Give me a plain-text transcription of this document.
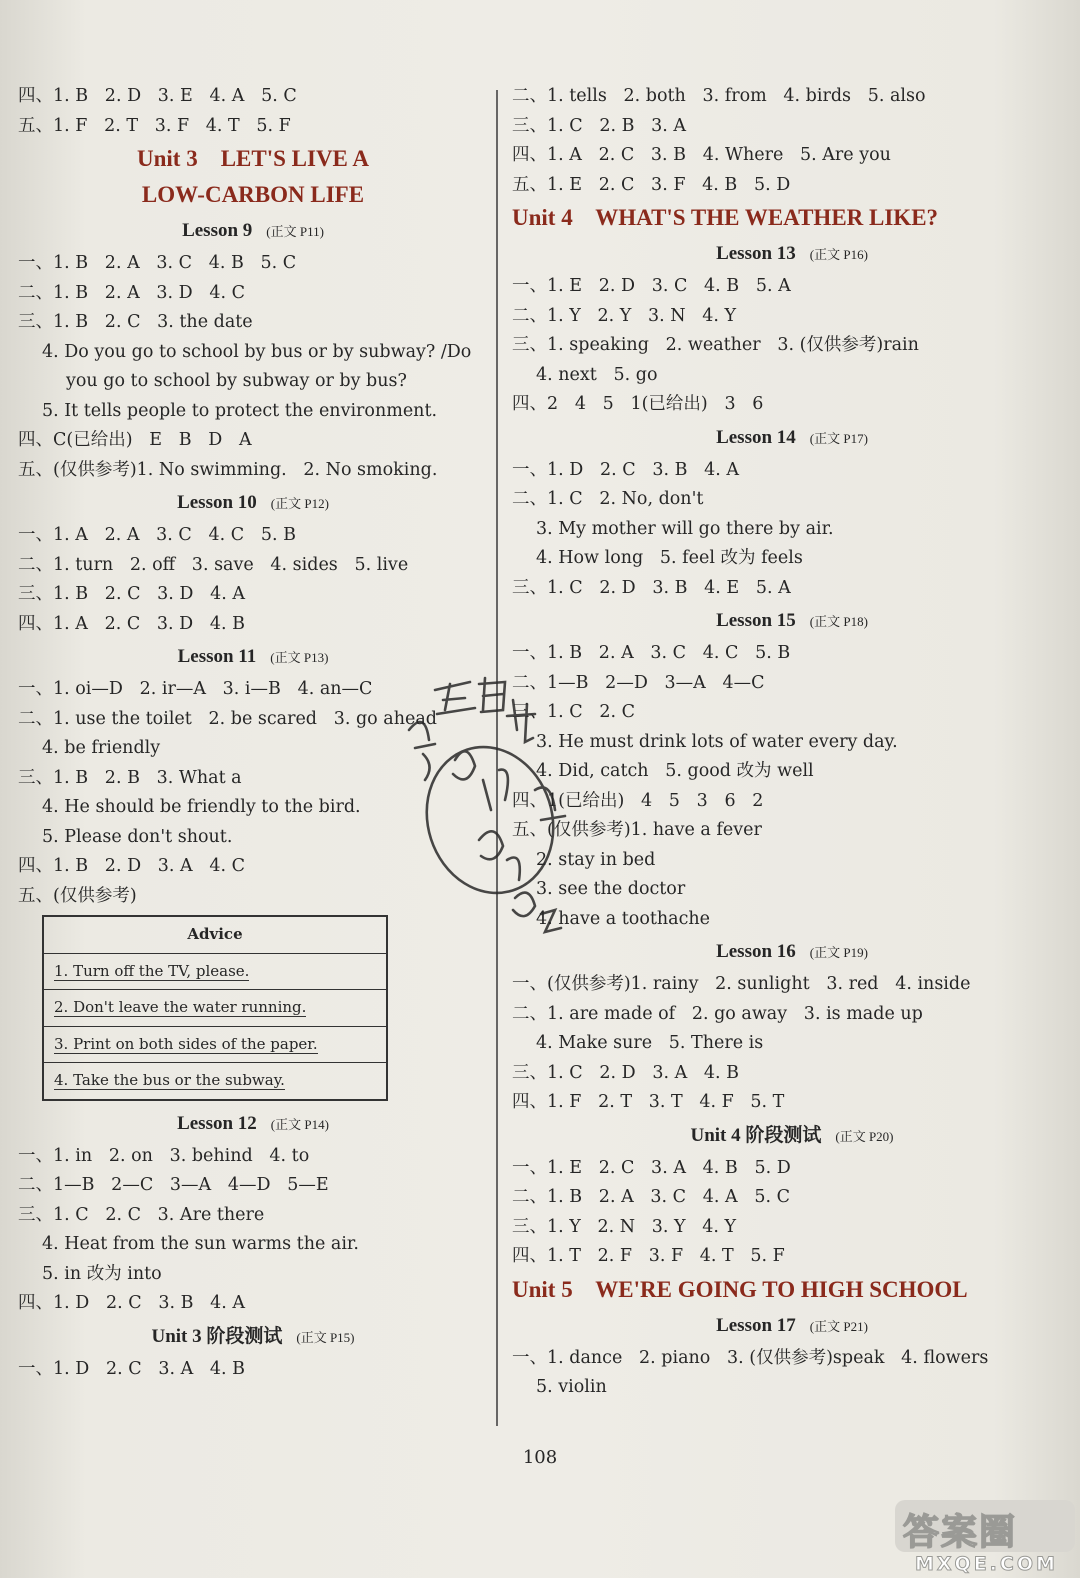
四、1. B   2. D   3. E   4. A   5. C
五、1. F   2. T   3. F   4. T   5. F
Unit 3    LET'S LIVE A
LOW-CARBON LIFE
Lesson 9 (正文 P11)
一、1. B   2. A   3. C   4. B   5. C
二、1. B   2. A   3. D   4. C
三、1. B   2. C   3. the date
4. Do you go to school by bus or by subway? /Do
you go to school by subway or by bus?
5. It tells people to protect the environment.
四、C(已给出)   E   B   D   A
五、(仅供参考)1. No swimming.   2. No smoking.
Lesson 10 (正文 P12)
一、1. A   2. A   3. C   4. C   5. B
二、1. turn   2. off   3. save   4. sides   5. live
三、1. B   2. C   3. D   4. A
四、1. A   2. C   3. D   4. B
Lesson 11 (正文 P13)
一、1. oi—D   2. ir—A   3. i—B   4. an—C
二、1. use the toilet   2. be scared   3. go ahead
4. be friendly
三、1. B   2. B   3. What a
4. He should be friendly to the bird.
5. Please don't shout.
四、1. B   2. D   3. A   4. C
五、(仅供参考)
Advice
1. Turn off the TV, please.
2. Don't leave the water running.
3. Print on both sides of the paper.
4. Take the bus or the subway.
Lesson 12 (正文 P14)
一、1. in   2. on   3. behind   4. to
二、1—B   2—C   3—A   4—D   5—E
三、1. C   2. C   3. Are there
4. Heat from the sun warms the air.
5. in 改为 into
四、1. D   2. C   3. B   4. A
Unit 3 阶段测试 (正文 P15)
一、1. D   2. C   3. A   4. B
二、1. tells   2. both   3. from   4. birds   5. also
三、1. C   2. B   3. A
四、1. A   2. C   3. B   4. Where   5. Are you
五、1. E   2. C   3. F   4. B   5. D
Unit 4    WHAT'S THE WEATHER LIKE?
Lesson 13 (正文 P16)
一、1. E   2. D   3. C   4. B   5. A
二、1. Y   2. Y   3. N   4. Y
三、1. speaking   2. weather   3. (仅供参考)rain
4. next   5. go
四、2   4   5   1(已给出)   3   6
Lesson 14 (正文 P17)
一、1. D   2. C   3. B   4. A
二、1. C   2. No, don't
3. My mother will go there by air.
4. How long   5. feel 改为 feels
三、1. C   2. D   3. B   4. E   5. A
Lesson 15 (正文 P18)
一、1. B   2. A   3. C   4. C   5. B
二、1—B   2—D   3—A   4—C
三、1. C   2. C
3. He must drink lots of water every day.
4. Did, catch   5. good 改为 well
四、1(已给出)   4   5   3   6   2
五、(仅供参考)1. have a fever
2. stay in bed
3. see the doctor
4. have a toothache
Lesson 16 (正文 P19)
一、(仅供参考)1. rainy   2. sunlight   3. red   4. inside
二、1. are made of   2. go away   3. is made up
4. Make sure   5. There is
三、1. C   2. D   3. A   4. B
四、1. F   2. T   3. T   4. F   5. T
Unit 4 阶段测试 (正文 P20)
一、1. E   2. C   3. A   4. B   5. D
二、1. B   2. A   3. C   4. A   5. C
三、1. Y   2. N   3. Y   4. Y
四、1. T   2. F   3. F   4. T   5. F
Unit 5    WE'RE GOING TO HIGH SCHOOL
Lesson 17 (正文 P21)
一、1. dance   2. piano   3. (仅供参考)speak   4. flowers
5. violin
108
答案圈
MXQE.COM
